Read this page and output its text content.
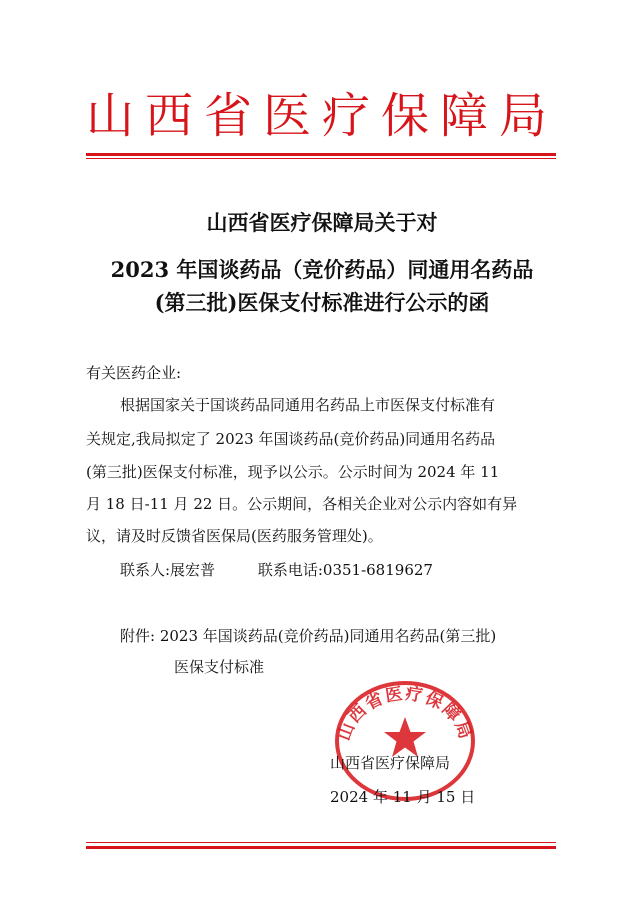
山西省医疗保障局
山西省医疗保障局关于对
2023 年国谈药品（竞价药品）同通用名药品
(第三批)医保支付标准进行公示的函
有关医药企业:
根据国家关于国谈药品同通用名药品上市医保支付标准有
关规定,我局拟定了 2023 年国谈药品(竞价药品)同通用名药品
(第三批)医保支付标准，现予以公示。公示时间为 2024 年 11
月 18 日-11 月 22 日。公示期间，各相关企业对公示内容如有异
议，请及时反馈省医保局(医药服务管理处)。
联系人:展宏普	联系电话:0351-6819627
附件: 2023 年国谈药品(竞价药品)同通用名药品(第三批)
医保支付标准
山西省医疗保障局
山西省医疗保障局
2024 年 11 月 15 日
